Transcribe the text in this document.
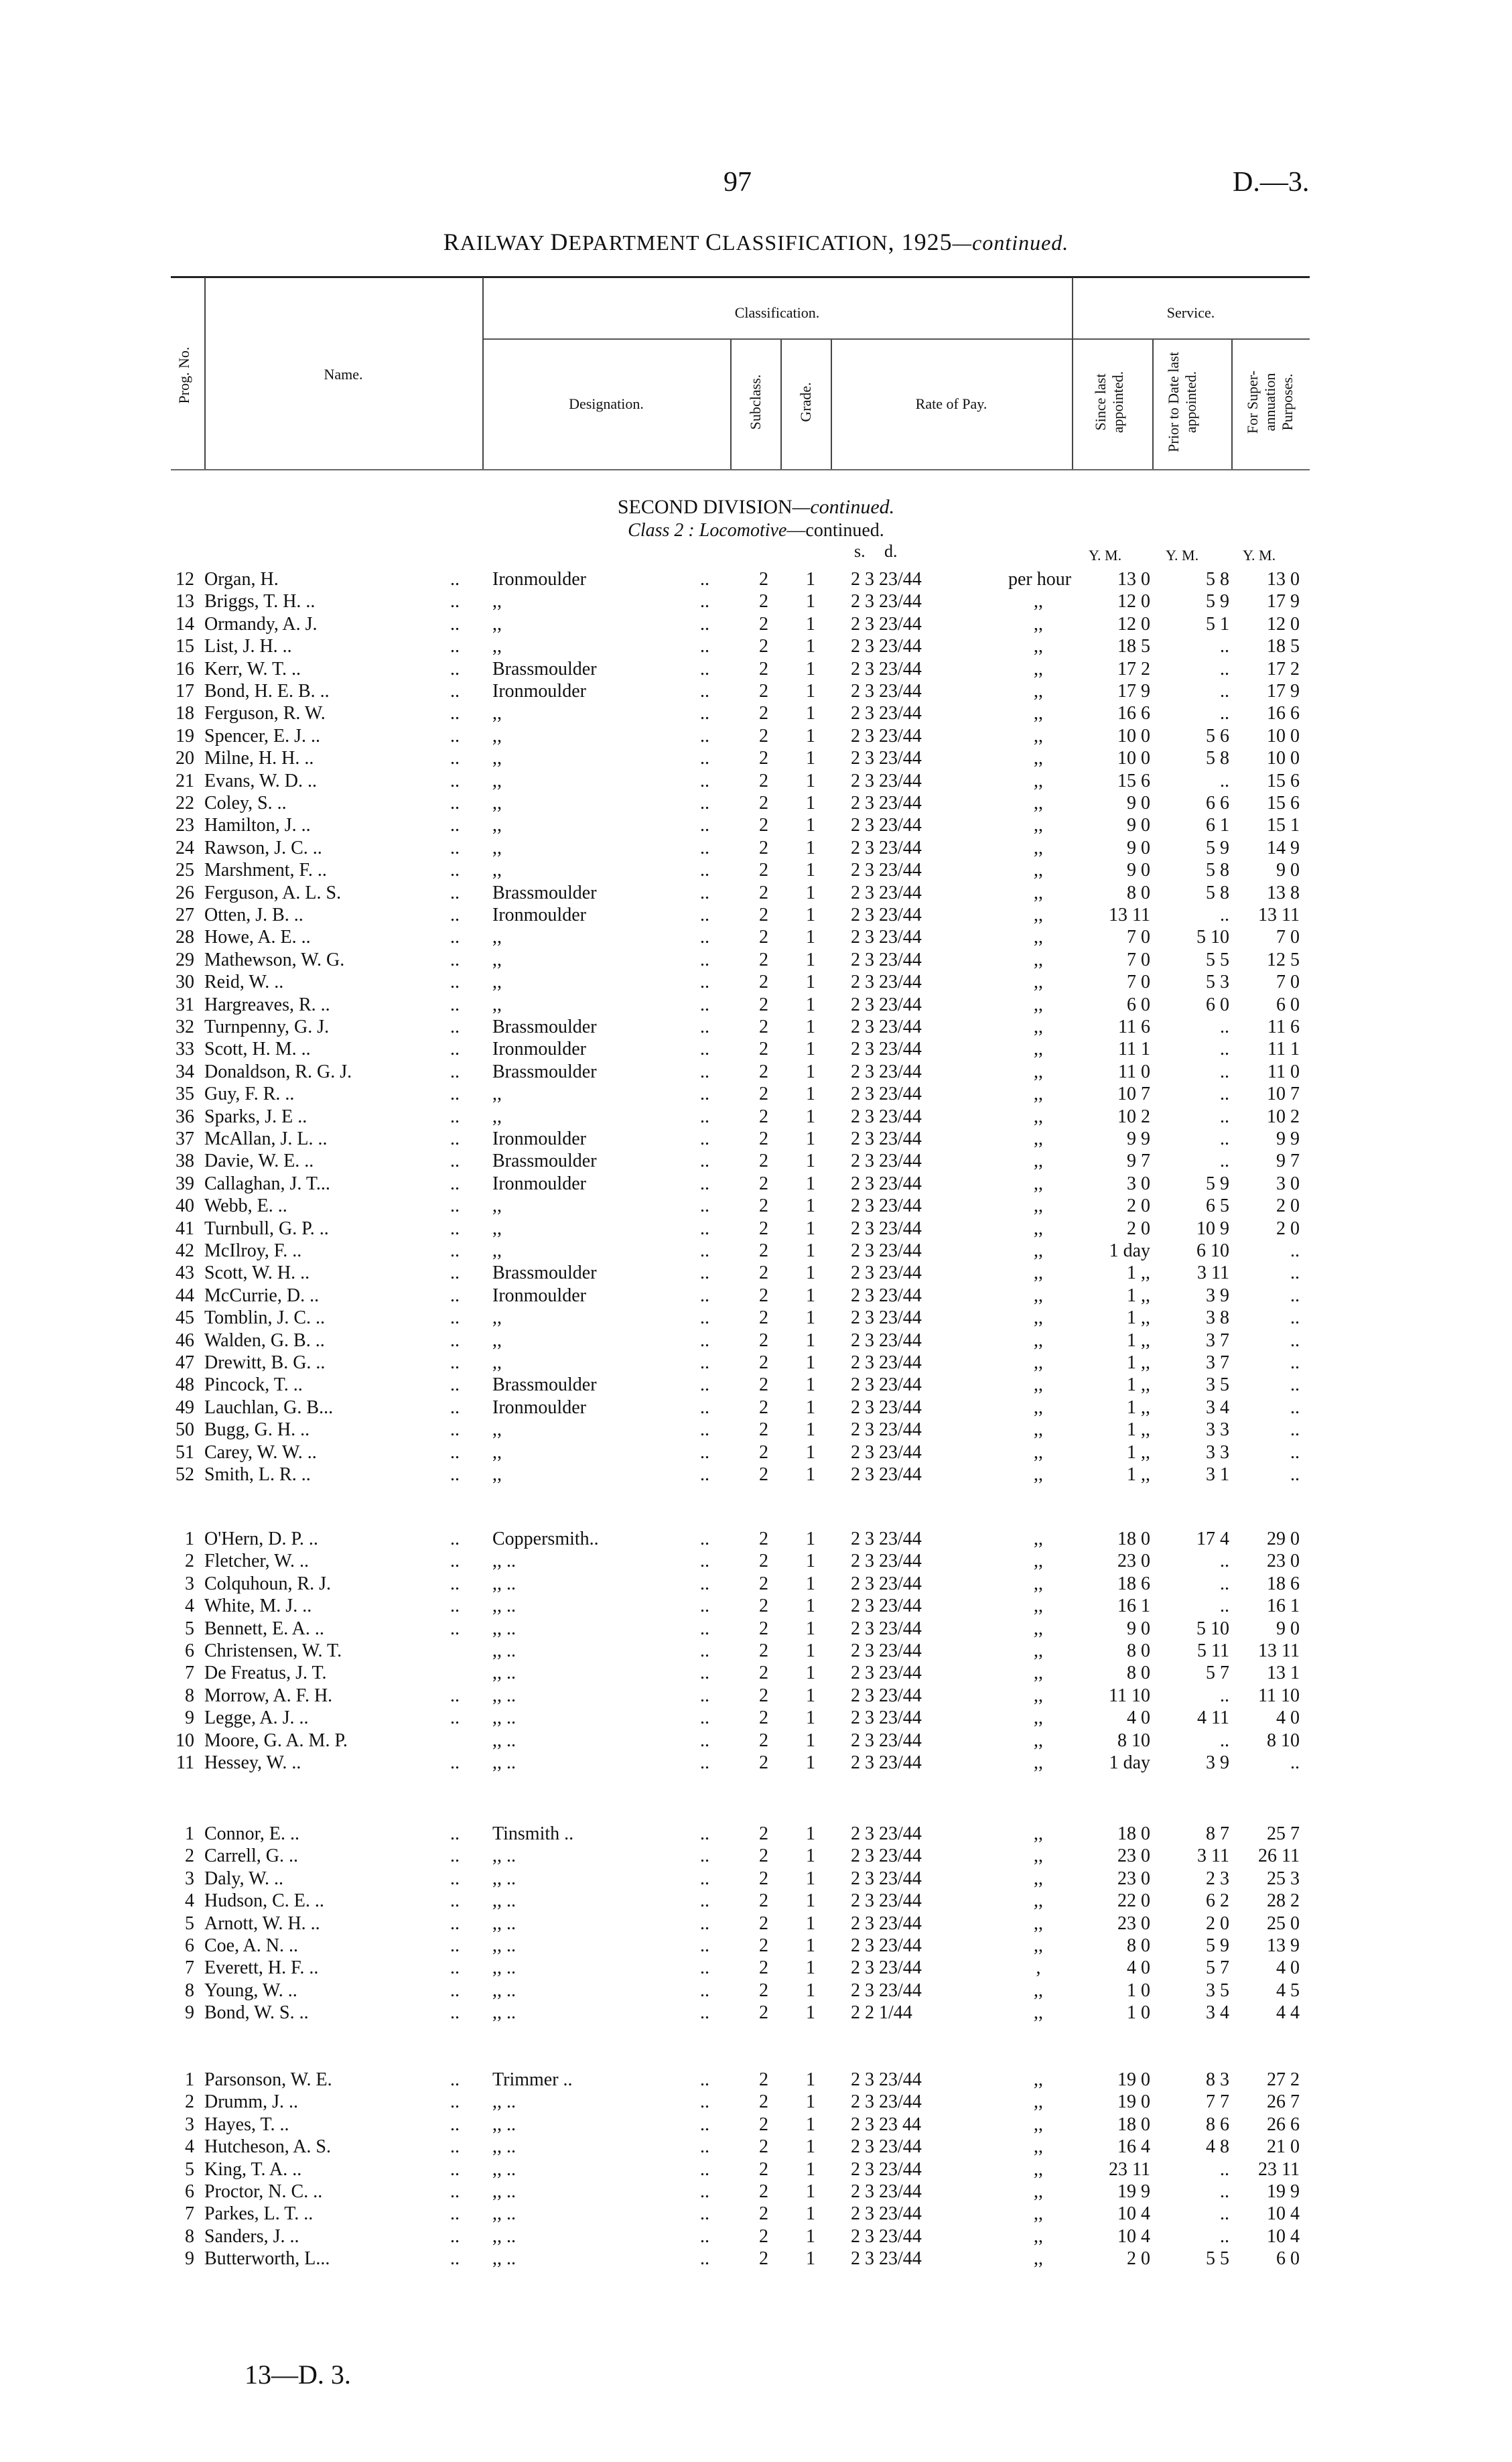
97	D.—3.
RAILWAY DEPARTMENT CLASSIFICATION, 1925—continued.
Prog. No.	Name.
Classification.	Service.
Designation.	Subclass. Grade.	Rate of Pay.	Since last appointed.	Prior to Date last appointed.	For Super-annuation Purposes.
SECOND DIVISION—continued.
Class 2 : Locomotive—continued.
s. d.	Y. M.	Y. M.	Y. M.
12 Organ, H.	.. Ironmoulder	..	2	1	2 3 23/44	per hour	13 0	5 8	13 0
13 Briggs, T. H. ..	.. ,,	..	2	1	2 3 23/44	,,	12 0	5 9	17 9
14 Ormandy, A. J.	.. ,,	..	2	1	2 3 23/44	,,	12 0	5 1	12 0
15 List, J. H. ..	.. ,,	..	2	1	2 3 23/44	,,	18 5	..	18 5
16 Kerr, W. T. ..	.. Brassmoulder	..	2	1	2 3 23/44	,,	17 2	..	17 2
17 Bond, H. E. B. ..	.. Ironmoulder	..	2	1	2 3 23/44	,,	17 9	..	17 9
18 Ferguson, R. W.	.. ,,	..	2	1	2 3 23/44	,,	16 6	..	16 6
19 Spencer, E. J. ..	.. ,,	..	2	1	2 3 23/44	,,	10 0	5 6	10 0
20 Milne, H. H. ..	.. ,,	..	2	1	2 3 23/44	,,	10 0	5 8	10 0
21 Evans, W. D. ..	.. ,,	..	2	1	2 3 23/44	,,	15 6	..	15 6
22 Coley, S. ..	.. ,,	..	2	1	2 3 23/44	,,	9 0	6 6	15 6
23 Hamilton, J. ..	.. ,,	..	2	1	2 3 23/44	,,	9 0	6 1	15 1
24 Rawson, J. C. ..	.. ,,	..	2	1	2 3 23/44	,,	9 0	5 9	14 9
25 Marshment, F. ..	.. ,,	..	2	1	2 3 23/44	,,	9 0	5 8	9 0
26 Ferguson, A. L. S.	.. Brassmoulder	..	2	1	2 3 23/44	,,	8 0	5 8	13 8
27 Otten, J. B. ..	.. Ironmoulder	..	2	1	2 3 23/44	,,	13 11	..	13 11
28 Howe, A. E. ..	.. ,,	..	2	1	2 3 23/44	,,	7 0	5 10	7 0
29 Mathewson, W. G.	.. ,,	..	2	1	2 3 23/44	,,	7 0	5 5	12 5
30 Reid, W. ..	.. ,,	..	2	1	2 3 23/44	,,	7 0	5 3	7 0
31 Hargreaves, R. ..	.. ,,	..	2	1	2 3 23/44	,,	6 0	6 0	6 0
32 Turnpenny, G. J.	.. Brassmoulder	..	2	1	2 3 23/44	,,	11 6	..	11 6
33 Scott, H. M. ..	.. Ironmoulder	..	2	1	2 3 23/44	,,	11 1	..	11 1
34 Donaldson, R. G. J.	.. Brassmoulder	..	2	1	2 3 23/44	,,	11 0	..	11 0
35 Guy, F. R. ..	.. ,,	..	2	1	2 3 23/44	,,	10 7	..	10 7
36 Sparks, J. E ..	.. ,,	..	2	1	2 3 23/44	,,	10 2	..	10 2
37 McAllan, J. L. ..	.. Ironmoulder	..	2	1	2 3 23/44	,,	9 9	..	9 9
38 Davie, W. E. ..	.. Brassmoulder	..	2	1	2 3 23/44	,,	9 7	..	9 7
39 Callaghan, J. T...	.. Ironmoulder	..	2	1	2 3 23/44	,,	3 0	5 9	3 0
40 Webb, E. ..	.. ,,	..	2	1	2 3 23/44	,,	2 0	6 5	2 0
41 Turnbull, G. P. ..	.. ,,	..	2	1	2 3 23/44	,,	2 0	10 9	2 0
42 McIlroy, F. ..	.. ,,	..	2	1	2 3 23/44	,,	1 day	6 10	..
43 Scott, W. H. ..	.. Brassmoulder	..	2	1	2 3 23/44	,,	1 ,,	3 11	..
44 McCurrie, D. ..	.. Ironmoulder	..	2	1	2 3 23/44	,,	1 ,,	3 9	..
45 Tomblin, J. C. ..	.. ,,	..	2	1	2 3 23/44	,,	1 ,,	3 8	..
46 Walden, G. B. ..	.. ,,	..	2	1	2 3 23/44	,,	1 ,,	3 7	..
47 Drewitt, B. G. ..	.. ,,	..	2	1	2 3 23/44	,,	1 ,,	3 7	..
48 Pincock, T. ..	.. Brassmoulder	..	2	1	2 3 23/44	,,	1 ,,	3 5	..
49 Lauchlan, G. B...	.. Ironmoulder	..	2	1	2 3 23/44	,,	1 ,,	3 4	..
50 Bugg, G. H. ..	.. ,,	..	2	1	2 3 23/44	,,	1 ,,	3 3	..
51 Carey, W. W. ..	.. ,,	..	2	1	2 3 23/44	,,	1 ,,	3 3	..
52 Smith, L. R. ..	.. ,,	..	2	1	2 3 23/44	,,	1 ,,	3 1	..
1 O'Hern, D. P. ..	.. Coppersmith..	..	2	1	2 3 23/44	,,	18 0	17 4	29 0
2 Fletcher, W. ..	.. ,, ..	..	2	1	2 3 23/44	,,	23 0	..	23 0
3 Colquhoun, R. J.	.. ,, ..	..	2	1	2 3 23/44	,,	18 6	..	18 6
4 White, M. J. ..	.. ,, ..	..	2	1	2 3 23/44	,,	16 1	..	16 1
5 Bennett, E. A. ..	.. ,, ..	..	2	1	2 3 23/44	,,	9 0	5 10	9 0
6 Christensen, W. T.	,, ..	..	2	1	2 3 23/44	,,	8 0	5 11	13 11
7 De Freatus, J. T.	,, ..	..	2	1	2 3 23/44	,,	8 0	5 7	13 1
8 Morrow, A. F. H.	.. ,, ..	..	2	1	2 3 23/44	,,	11 10	..	11 10
9 Legge, A. J. ..	.. ,, ..	..	2	1	2 3 23/44	,,	4 0	4 11	4 0
10 Moore, G. A. M. P.	,, ..	..	2	1	2 3 23/44	,,	8 10	..	8 10
11 Hessey, W. ..	.. ,, ..	..	2	1	2 3 23/44	,,	1 day	3 9	..
1 Connor, E. ..	.. Tinsmith ..	..	2	1	2 3 23/44	,,	18 0	8 7	25 7
2 Carrell, G. ..	.. ,, ..	..	2	1	2 3 23/44	,,	23 0	3 11	26 11
3 Daly, W. ..	.. ,, ..	..	2	1	2 3 23/44	,,	23 0	2 3	25 3
4 Hudson, C. E. ..	.. ,, ..	..	2	1	2 3 23/44	,,	22 0	6 2	28 2
5 Arnott, W. H. ..	.. ,, ..	..	2	1	2 3 23/44	,,	23 0	2 0	25 0
6 Coe, A. N. ..	.. ,, ..	..	2	1	2 3 23/44	,,	8 0	5 9	13 9
7 Everett, H. F. ..	.. ,, ..	..	2	1	2 3 23/44	,	4 0	5 7	4 0
8 Young, W. ..	.. ,, ..	..	2	1	2 3 23/44	,,	1 0	3 5	4 5
9 Bond, W. S. ..	.. ,, ..	..	2	1	2 2 1/44	,,	1 0	3 4	4 4
1 Parsonson, W. E.	.. Trimmer ..	..	2	1	2 3 23/44	,,	19 0	8 3	27 2
2 Drumm, J. ..	.. ,, ..	..	2	1	2 3 23/44	,,	19 0	7 7	26 7
3 Hayes, T. ..	.. ,, ..	..	2	1	2 3 23 44	,,	18 0	8 6	26 6
4 Hutcheson, A. S.	.. ,, ..	..	2	1	2 3 23/44	,,	16 4	4 8	21 0
5 King, T. A. ..	.. ,, ..	..	2	1	2 3 23/44	,,	23 11	..	23 11
6 Proctor, N. C. ..	.. ,, ..	..	2	1	2 3 23/44	,,	19 9	..	19 9
7 Parkes, L. T. ..	.. ,, ..	..	2	1	2 3 23/44	,,	10 4	..	10 4
8 Sanders, J. ..	.. ,, ..	..	2	1	2 3 23/44	,,	10 4	..	10 4
9 Butterworth, L...	.. ,, ..	..	2	1	2 3 23/44	,,	2 0	5 5	6 0
13—D. 3.
